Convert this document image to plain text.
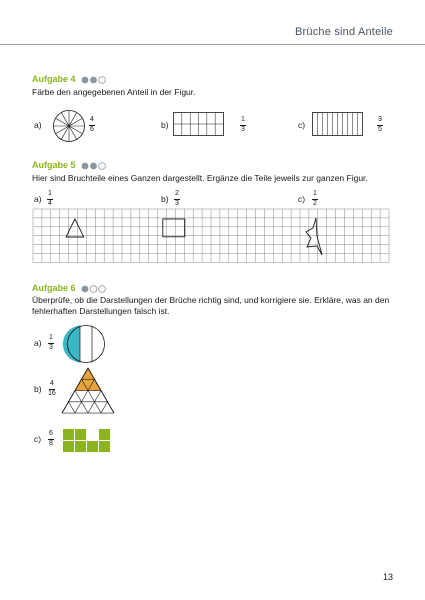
Brüche sind Anteile
Aufgabe 4
Färbe den angegebenen Anteil in der Figur.
a)
4
6	b)
1
3	c)
3
5
Aufgabe 5
Hier sind Bruchteile eines Ganzen dargestellt. Ergänze die Teile jeweils zur ganzen Figur.
a)
1
4	b)
2
3	c)
1
2
Aufgabe 6
Überprüfe, ob die Darstellungen der Brüche richtig sind, und korrigiere sie. Erkläre, was an den fehlerhaften Darstellungen falsch ist.
a)
1
3
b)
4
16
c)
6
8
13
